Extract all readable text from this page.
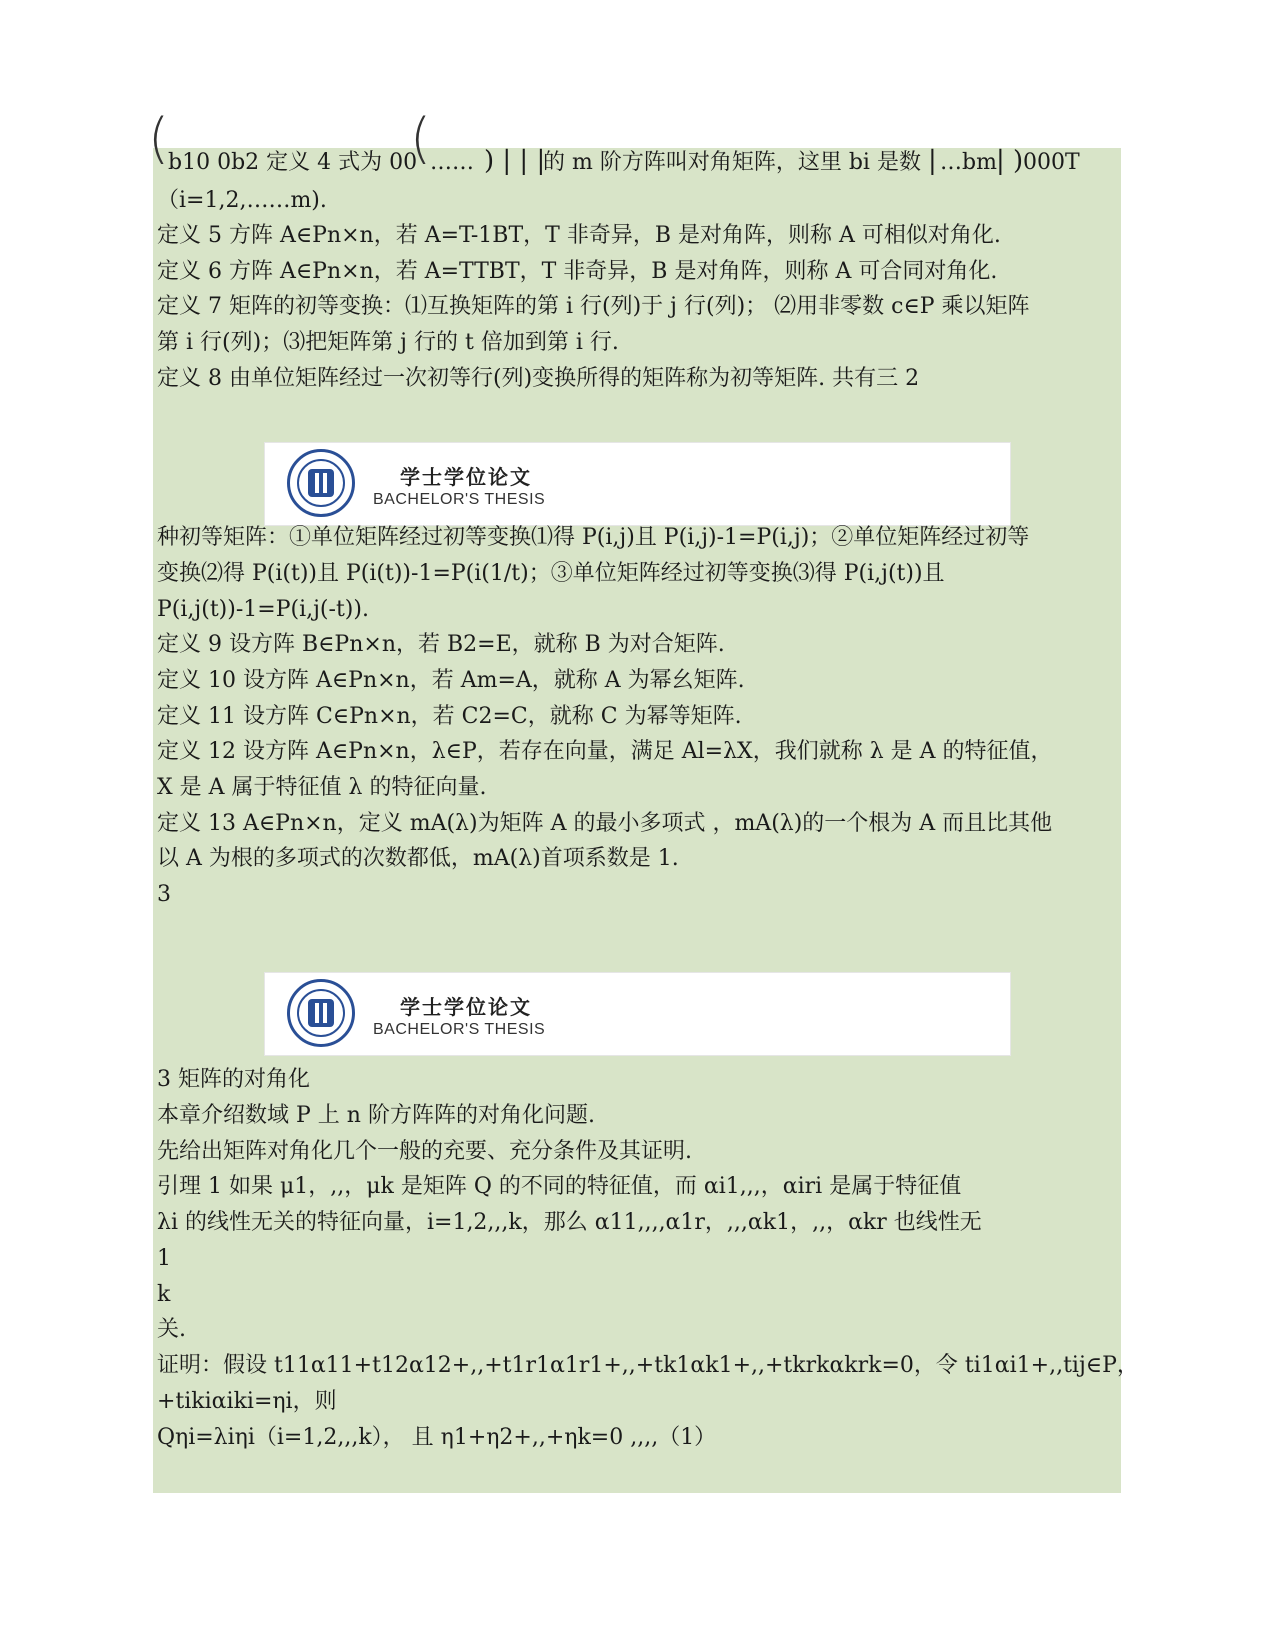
(	(
b10 0b2 定义 4 式为 00 …… ) | | |
的 m 阶方阵叫对角矩阵，这里 bi 是数 | …bm | ) 000T
（i=1,2,……m).
定义 5 方阵 A∈Pn×n，若 A=T-1BT，T 非奇异，B 是对角阵，则称 A 可相似对角化.
定义 6 方阵 A∈Pn×n，若 A=TTBT，T 非奇异，B 是对角阵，则称 A 可合同对角化.
定义 7 矩阵的初等变换：⑴互换矩阵的第 i 行(列)于 j 行(列)； ⑵用非零数 c∈P 乘以矩阵
第 i 行(列)；⑶把矩阵第 j 行的 t 倍加到第 i 行.
定义 8 由单位矩阵经过一次初等行(列)变换所得的矩阵称为初等矩阵. 共有三 2
学士学位论文
BACHELOR'S THESIS
种初等矩阵：①单位矩阵经过初等变换⑴得 P(i,j)且 P(i,j)-1=P(i,j)；②单位矩阵经过初等
变换⑵得 P(i(t))且 P(i(t))-1=P(i(1/t)；③单位矩阵经过初等变换⑶得 P(i,j(t))且
P(i,j(t))-1=P(i,j(-t)).
定义 9 设方阵 B∈Pn×n，若 B2=E，就称 B 为对合矩阵.
定义 10 设方阵 A∈Pn×n，若 Am=A，就称 A 为幂幺矩阵.
定义 11 设方阵 C∈Pn×n，若 C2=C，就称 C 为幂等矩阵.
定义 12 设方阵 A∈Pn×n，λ∈P，若存在向量，满足 Al=λX，我们就称 λ 是 A 的特征值，
X 是 A 属于特征值 λ 的特征向量.
定义 13 A∈Pn×n，定义 mA(λ)为矩阵 A 的最小多项式 ，mA(λ)的一个根为 A 而且比其他
以 A 为根的多项式的次数都低，mA(λ)首项系数是 1.
3
学士学位论文
BACHELOR'S THESIS
3 矩阵的对角化
本章介绍数域 P 上 n 阶方阵阵的对角化问题.
先给出矩阵对角化几个一般的充要、充分条件及其证明.
引理 1 如果 μ1，,,，μk 是矩阵 Q 的不同的特征值，而 αi1,,,，αiri 是属于特征值
λi 的线性无关的特征向量，i=1,2,,,k，那么 α11,,,,α1r，,,,αk1，,,，αkr 也线性无
1
k
关.
证明：假设 t11α11+t12α12+,,+t1r1α1r1+,,+tk1αk1+,,+tkrkαkrk=0，令 ti1αi1+,,tij∈P，
+tikiαiki=ηi，则
Qηi=λiηi（i=1,2,,,k）， 且 η1+η2+,,+ηk=0 ,,,,（1）
